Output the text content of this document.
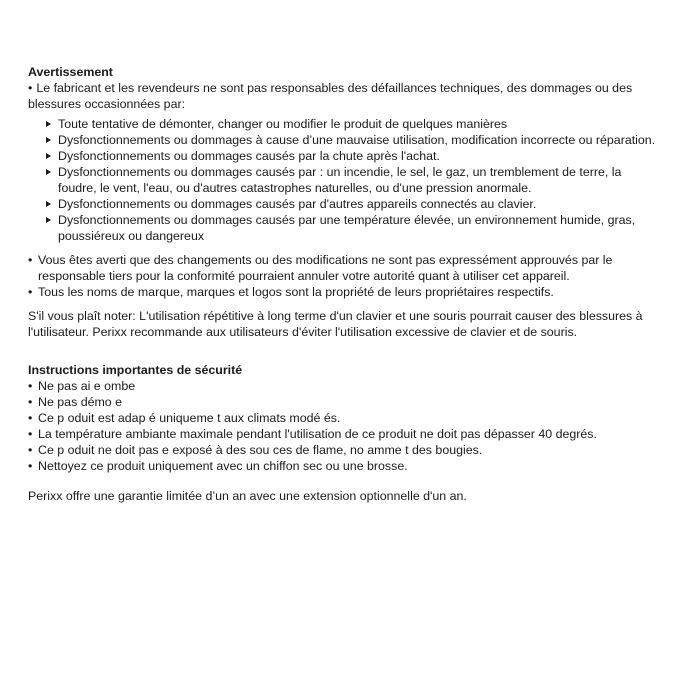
Avertissement

• Le fabricant et les revendeurs ne sont pas responsables des défaillances techniques, des dommages ou des blessures occasionnées par:

Toute tentative de démonter, changer ou modifier le produit de quelques manières
Dysfonctionnements ou dommages à cause d’une mauvaise utilisation, modification incorrecte ou réparation.
Dysfonctionnements ou dommages causés par la chute après l'achat.
Dysfonctionnements ou dommages causés par : un incendie, le sel, le gaz, un tremblement de terre, la foudre, le vent, l'eau, ou d'autres catastrophes naturelles, ou d'une pression anormale.
Dysfonctionnements ou dommages causés par d'autres appareils connectés au clavier.
Dysfonctionnements ou dommages causés par une température élevée, un environnement humide, gras, poussiéreux ou dangereux
• Vous êtes averti que des changements ou des modifications ne sont pas expressément approuvés par le responsable tiers pour la conformité pourraient annuler votre autorité quant à utiliser cet appareil.
• Tous les noms de marque, marques et logos sont la propriété de leurs propriétaires respectifs.

S'il vous plaît noter: L'utilisation répétitive à long terme d'un clavier et une souris pourrait causer des blessures à l'utilisateur. Perixx recommande aux utilisateurs d'éviter l'utilisation excessive de clavier et de souris.

Instructions importantes de sécurité
• Ne pas ai e ombe
• Ne pas démo e
• Ce p oduit est adap é uniqueme t aux climats modé és.
• La température ambiante maximale pendant l'utilisation de ce produit ne doit pas dépasser 40 degrés.
• Ce p oduit ne doit pas e exposé à des sou ces de flame, no amme t des bougies.
• Nettoyez ce produit uniquement avec un chiffon sec ou une brosse.

Perixx offre une garantie limitée d’un an avec une extension optionnelle d'un an.
